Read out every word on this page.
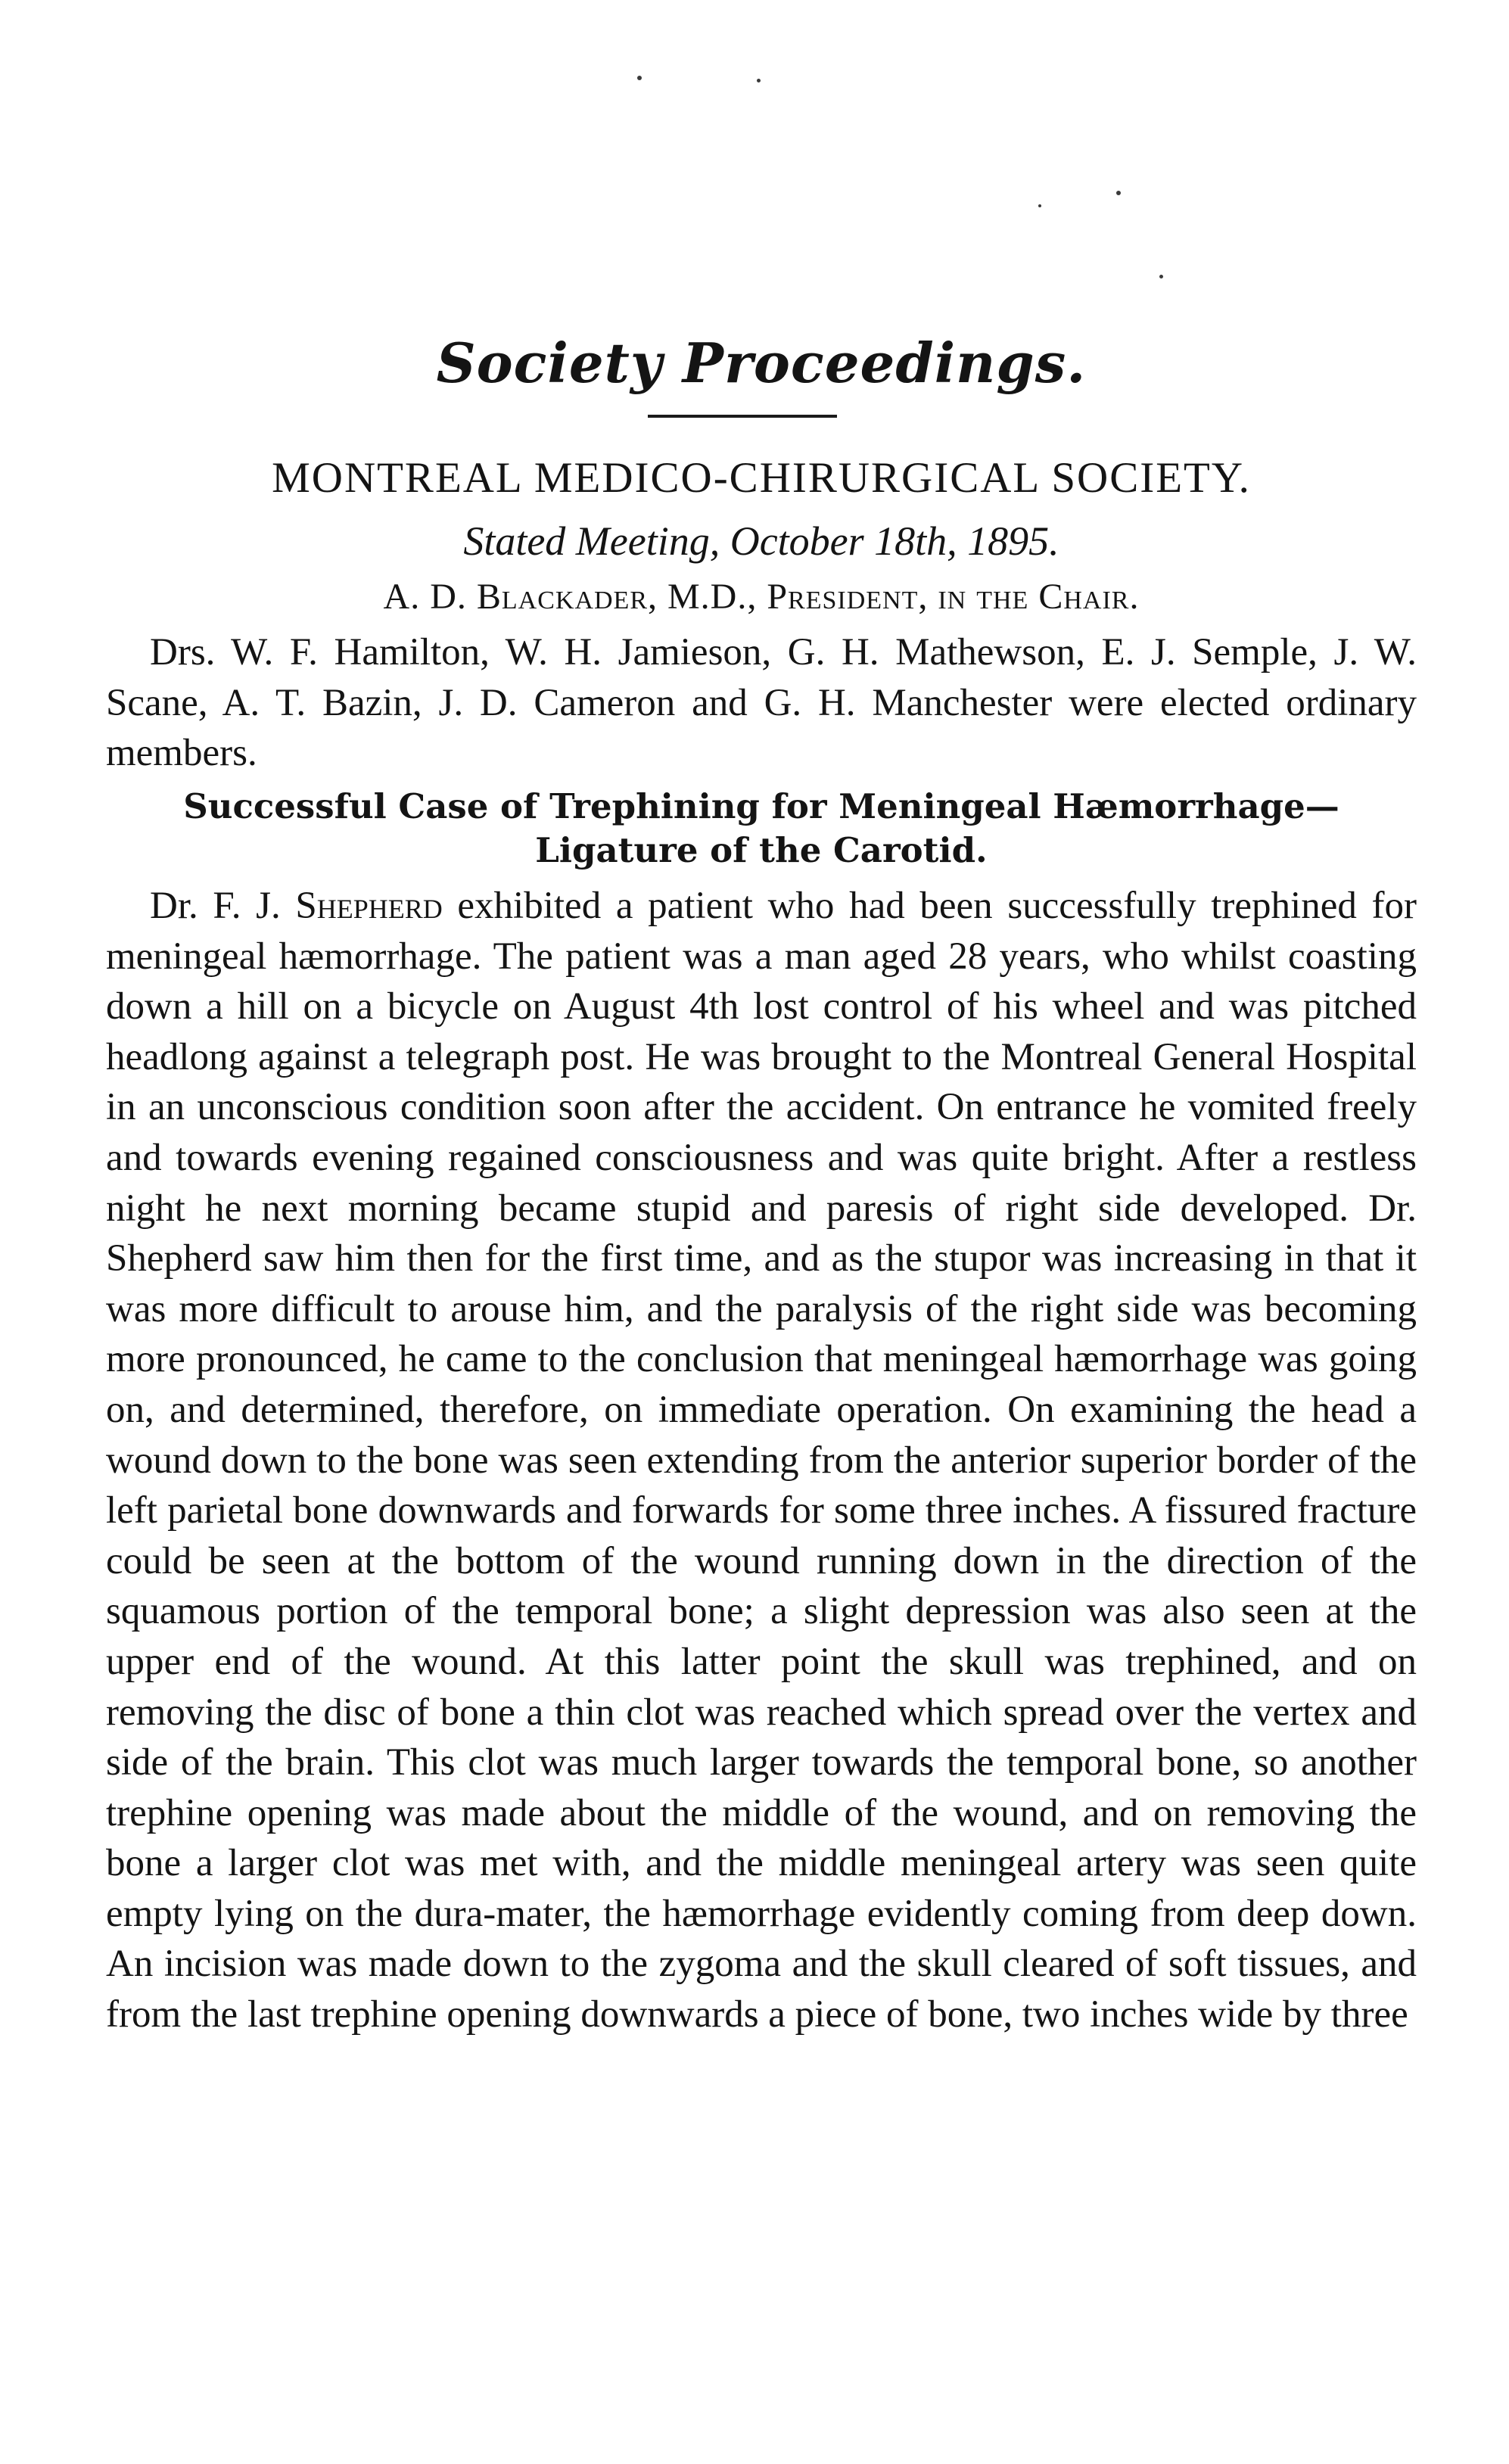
Society Proceedings.
MONTREAL MEDICO-CHIRURGICAL SOCIETY.
Stated Meeting, October 18th, 1895.
A. D. Blackader, M.D., President, in the Chair.
Drs. W. F. Hamilton, W. H. Jamieson, G. H. Mathewson, E. J. Semple, J. W. Scane, A. T. Bazin, J. D. Cameron and G. H. Manchester were elected ordinary members.
Successful Case of Trephining for Meningeal Hæmorrhage—
Ligature of the Carotid.
Dr. F. J. Shepherd exhibited a patient who had been successfully trephined for meningeal hæmorrhage. The patient was a man aged 28 years, who whilst coasting down a hill on a bicycle on August 4th lost control of his wheel and was pitched headlong against a telegraph post. He was brought to the Montreal General Hospital in an unconscious condition soon after the accident. On entrance he vomited freely and towards evening regained consciousness and was quite bright. After a restless night he next morning became stupid and paresis of right side developed. Dr. Shepherd saw him then for the first time, and as the stupor was increasing in that it was more difficult to arouse him, and the paralysis of the right side was becoming more pronounced, he came to the conclusion that meningeal hæmorrhage was going on, and determined, therefore, on immediate operation. On examining the head a wound down to the bone was seen extending from the anterior superior border of the left parietal bone downwards and forwards for some three inches. A fissured fracture could be seen at the bottom of the wound running down in the direction of the squamous portion of the temporal bone; a slight depression was also seen at the upper end of the wound. At this latter point the skull was trephined, and on removing the disc of bone a thin clot was reached which spread over the vertex and side of the brain. This clot was much larger towards the temporal bone, so another trephine opening was made about the middle of the wound, and on removing the bone a larger clot was met with, and the middle meningeal artery was seen quite empty lying on the dura-mater, the hæmorrhage evidently coming from deep down. An incision was made down to the zygoma and the skull cleared of soft tissues, and from the last trephine opening downwards a piece of bone, two inches wide by three
